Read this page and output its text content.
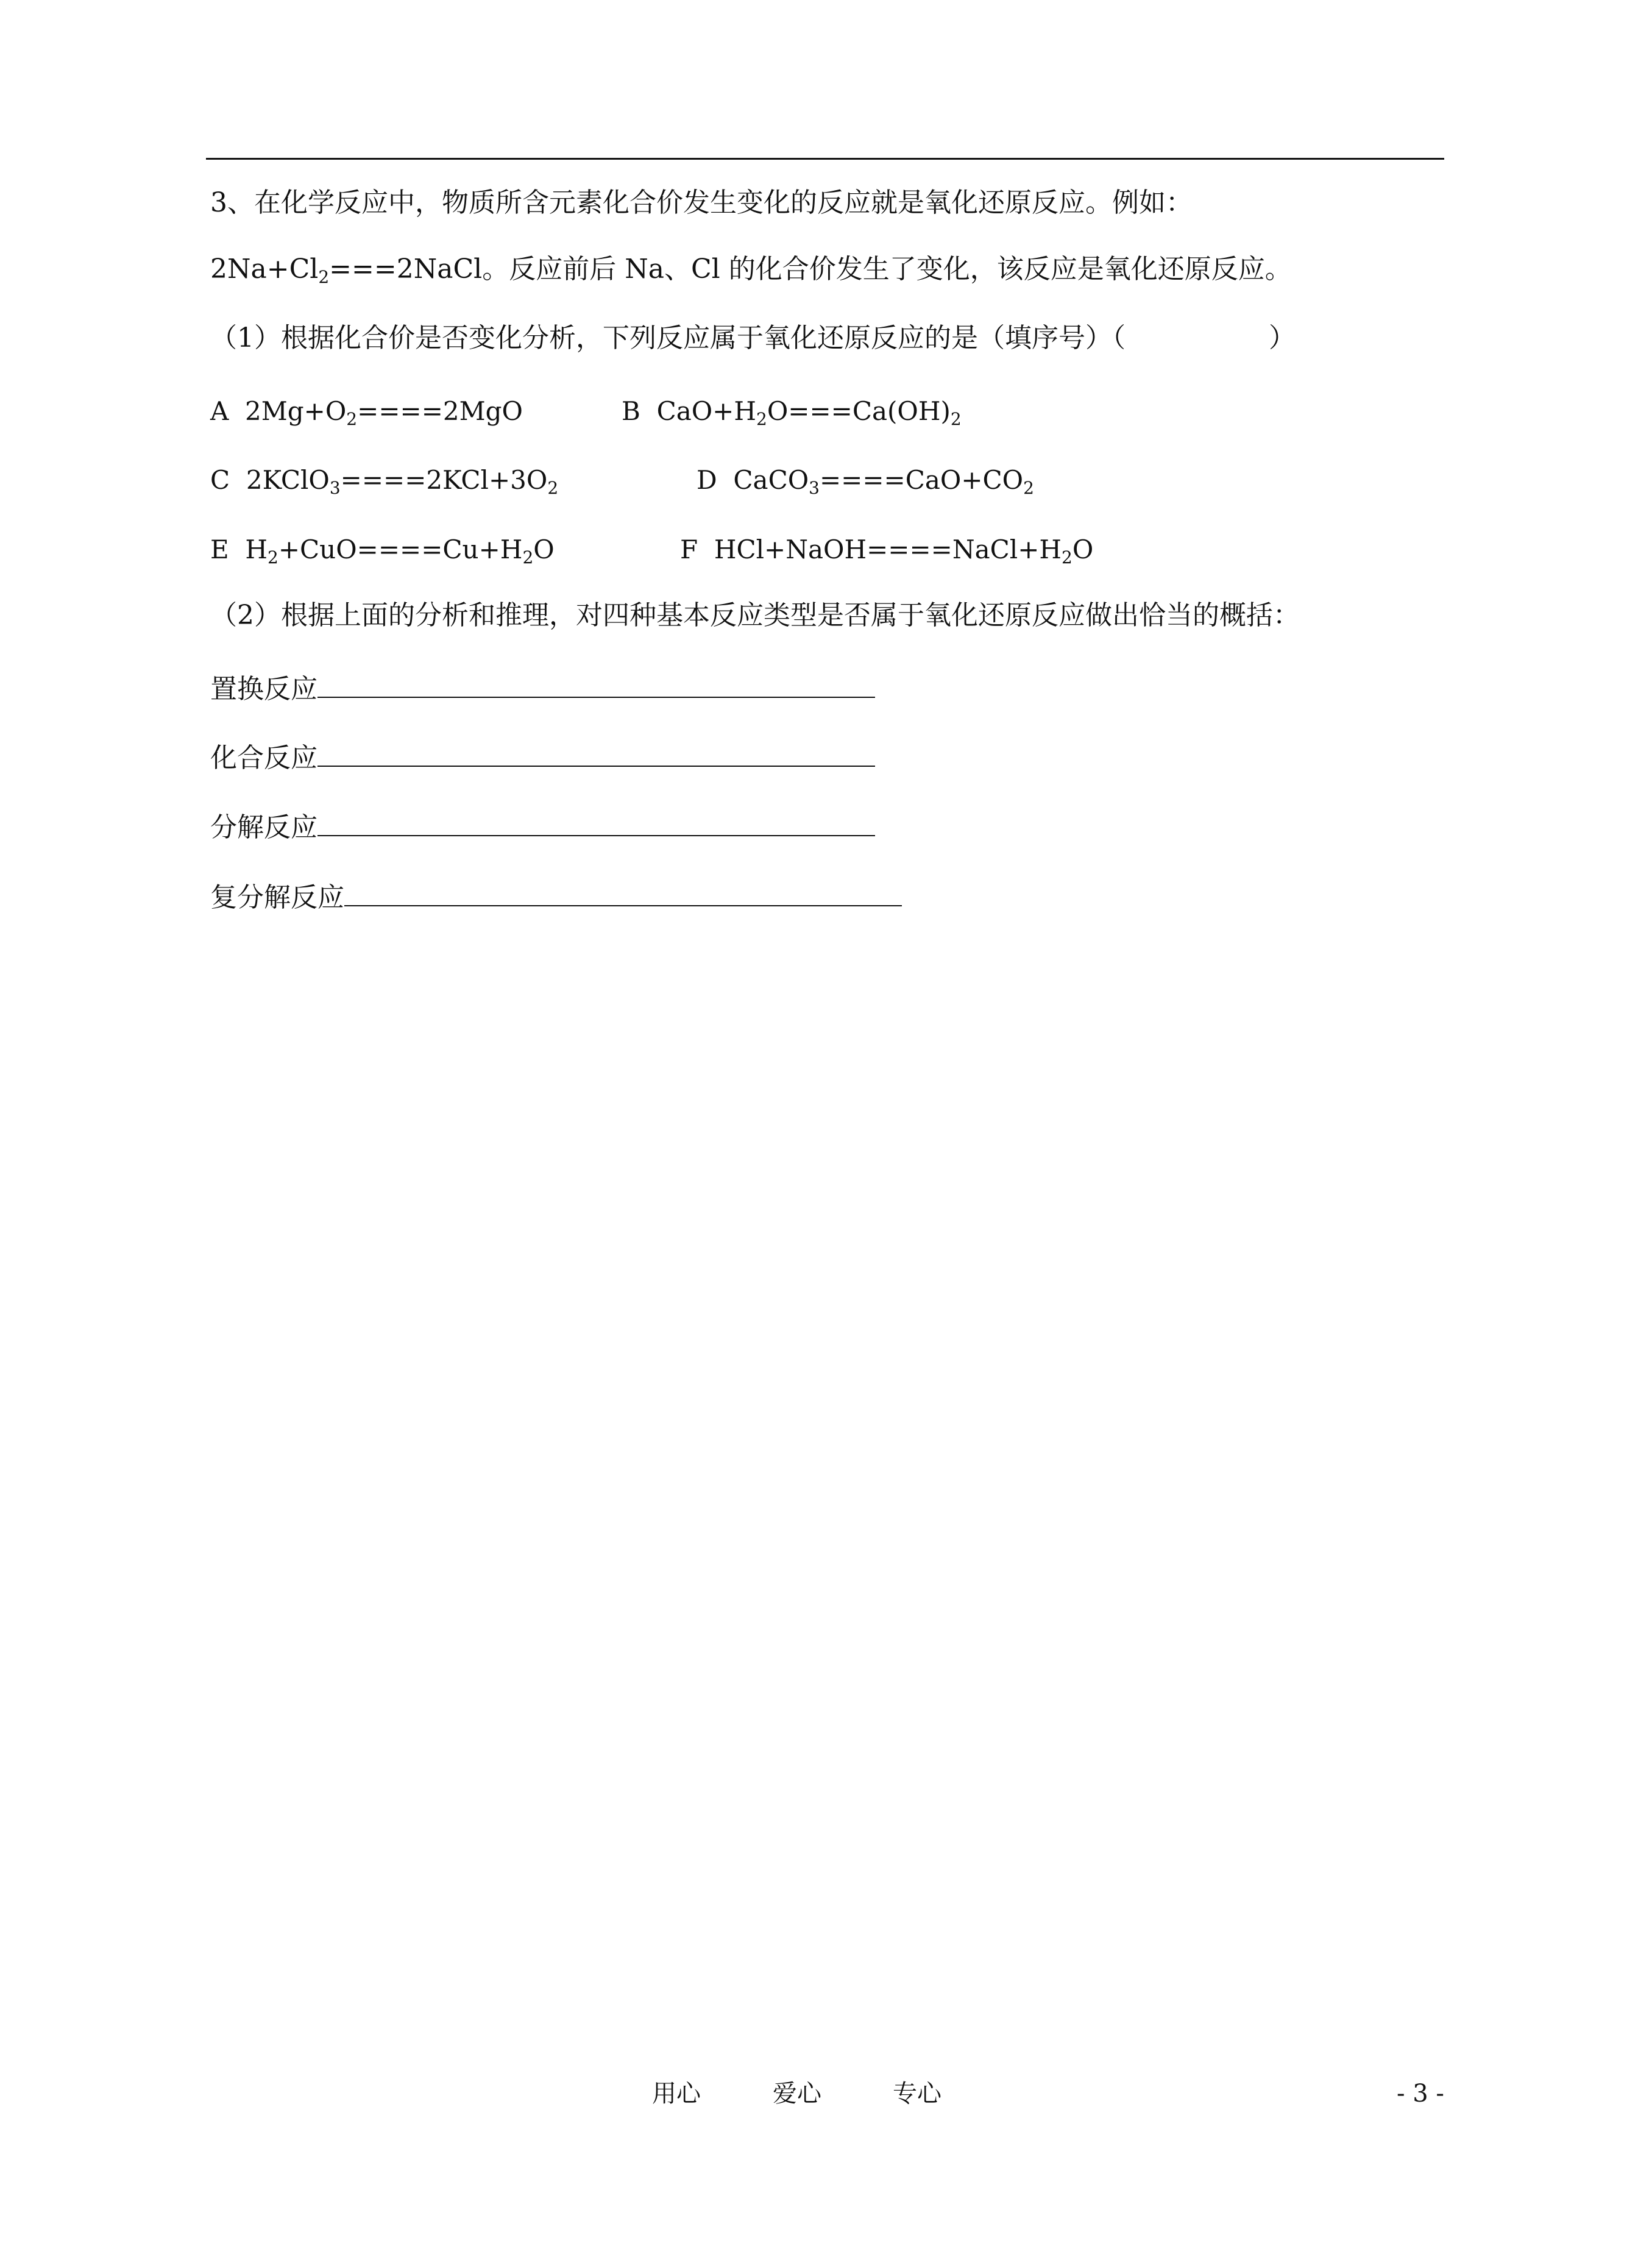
3、在化学反应中，物质所含元素化合价发生变化的反应就是氧化还原反应。例如：
$2Na+Cl_2===2NaCl$。反应前后 Na、Cl 的化合价发生了变化，该反应是氧化还原反应。
（1）根据化合价是否变化分析，下列反应属于氧化还原反应的是（填序号）（	）
A $2Mg+O_2====2MgO$	B $CaO+H_2O===Ca(OH)_2$
C $2KClO_3====2KCl+3O_2$	D $CaCO_3====CaO+CO_2$
E $H_2+CuO====Cu+H_2O$	F $HCl+NaOH====NaCl+H_2O$
（2）根据上面的分析和推理，对四种基本反应类型是否属于氧化还原反应做出恰当的概括：
置换反应
化合反应
分解反应
复分解反应
用心	爱心	专心	- 3 -
